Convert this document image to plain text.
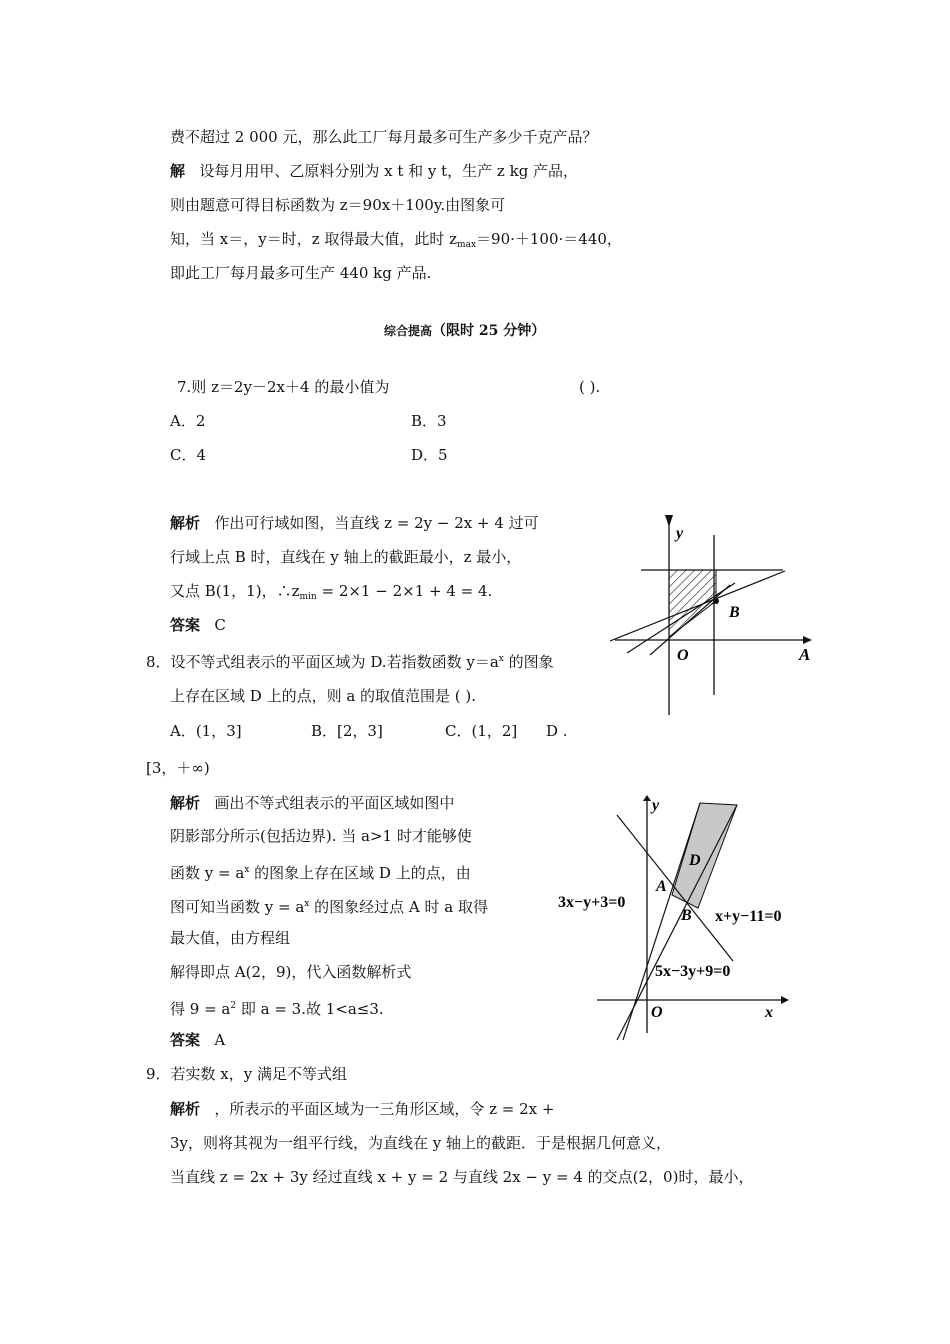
费不超过 2 000 元，那么此工厂每月最多可生产多少千克产品？
解 设每月用甲、乙原料分别为 x t 和 y t，生产 z kg 产品，
则由题意可得目标函数为 z＝90x＋100y.由图象可
知，当 x＝，y＝时，z 取得最大值，此时 $z_{max}=90\cdot+100\cdot=440$，
即此工厂每月最多可生产 440 kg 产品.
综合提高（限时 25 分钟）
7.则 z＝2y－2x＋4 的最小值为	( ).
A．2	B．3
C．4	D．5
解析 作出可行域如图，当直线 z = 2y − 2x + 4 过可
行域上点 B 时，直线在 y 轴上的截距最小，z 最小，
又点 B(1，1)，$\therefore z_{min} = 2\times 1 - 2\times 1 + 4 = 4$.
答案 C
y
O	A
B
8．设不等式组表示的平面区域为 D.若指数函数 $y=a^x$ 的图象
上存在区域 D 上的点，则 a 的取值范围是 ( ).
A．(1，3]	B．[2，3]	C．(1，2] D .
[3，＋∞)
解析 画出不等式组表示的平面区域如图中
阴影部分所示(包括边界). 当 a>1 时才能够使
函数 $y = a^x$ 的图象上存在区域 D 上的点，由
图可知当函数 $y = a^x$ 的图象经过点 A 时 a 取得
最大值，由方程组
解得即点 A(2，9)，代入函数解析式
得 $9 = a^2$ 即 a = 3.故 1<a≤3.
答案 A
y
x
O
A
B
D
3x−y+3=0
x+y−11=0
5x−3y+9=0
9．若实数 x，y 满足不等式组
解析 ，所表示的平面区域为一三角形区域，令 z = 2x +
3y，则将其视为一组平行线，为直线在 y 轴上的截距．于是根据几何意义，
当直线 z = 2x + 3y 经过直线 x + y = 2 与直线 2x − y = 4 的交点(2，0)时，最小，
